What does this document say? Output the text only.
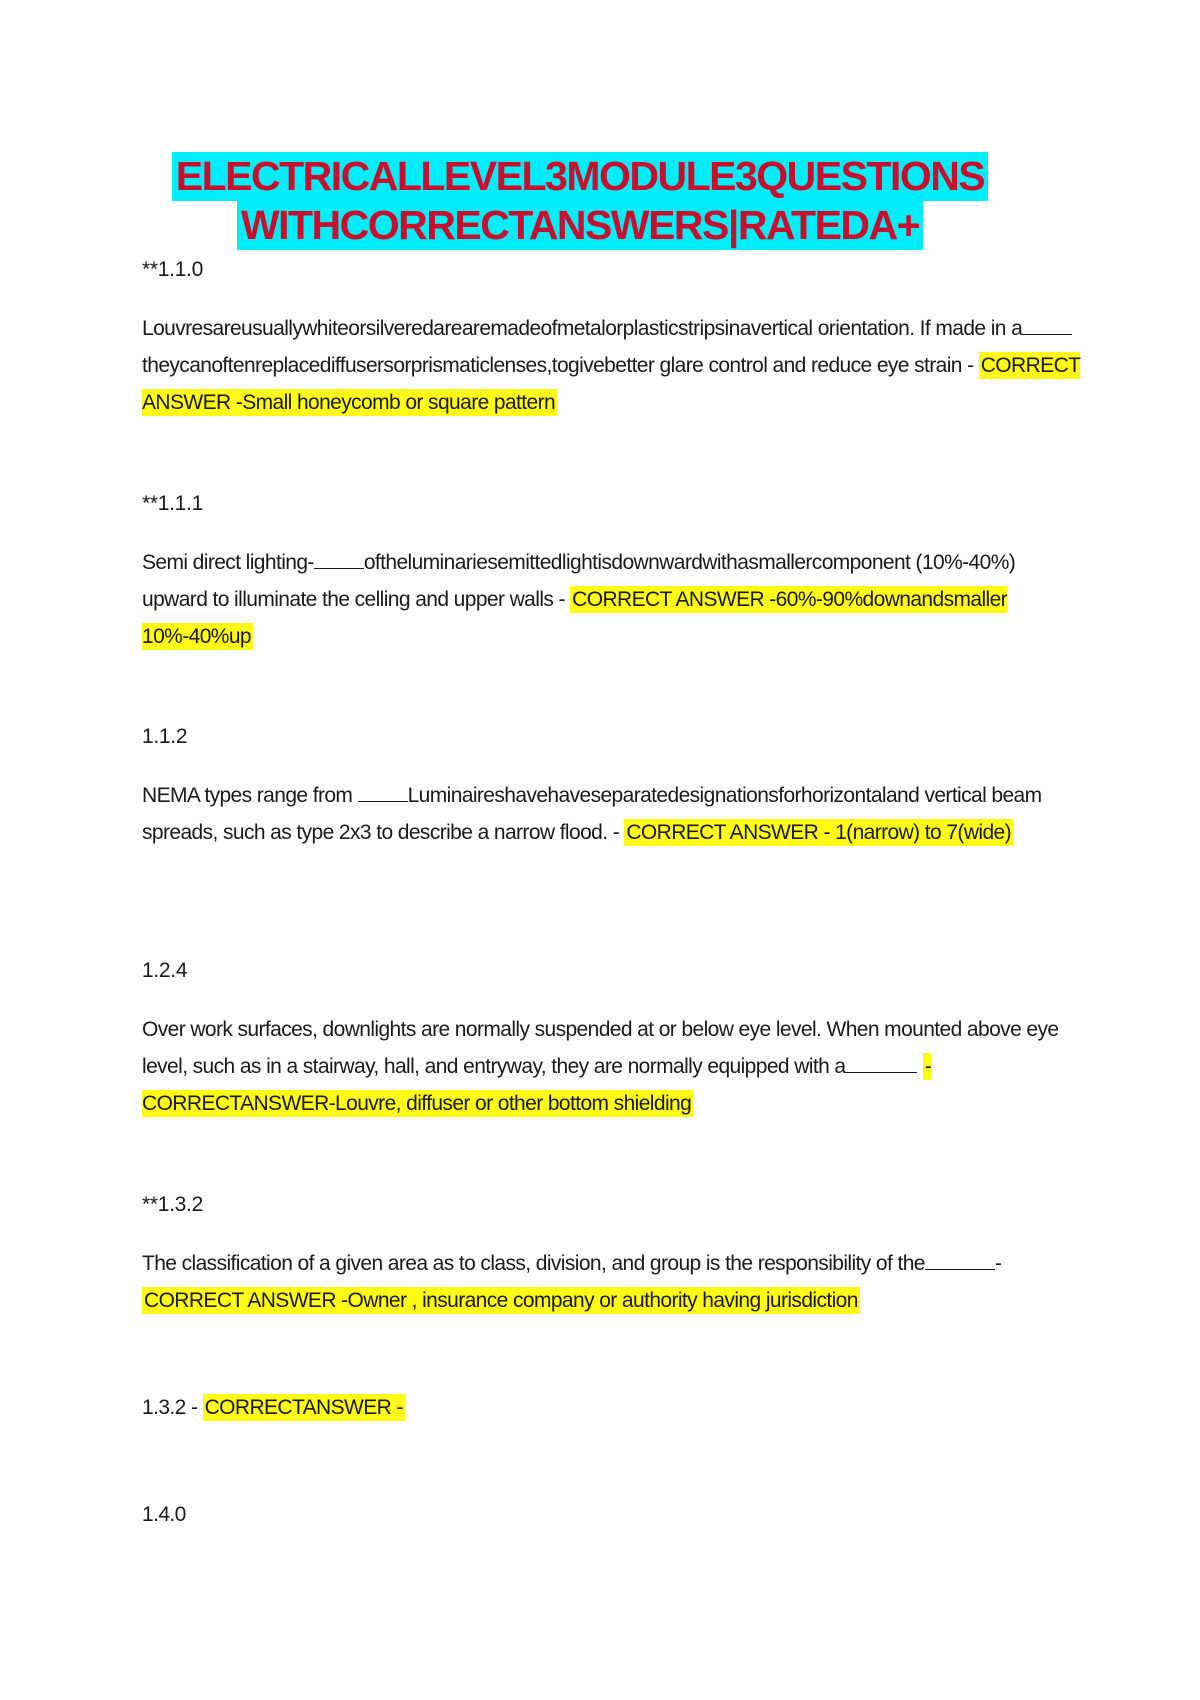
ELECTRICALLEVEL3MODULE3QUESTIONS
WITHCORRECTANSWERS|RATEDA+

**1.1.0

Louvresareusuallywhiteorsilveredarearemadeofmetalorplasticstripsinavertical orientation. If made in atheycanoftenreplacediffusersorprismaticlenses,togivebetter glare control and reduce eye strain - CORRECT ANSWER -Small honeycomb or square pattern

**1.1.1

Semi direct lighting- oftheluminariesemittedlightisdownwardwithasmallercomponent (10%-40%) upward to illuminate the celling and upper walls - CORRECT ANSWER -60%-90%downandsmaller 10%-40%up

1.1.2

NEMA types range from	Luminaireshavehaveseparatedesignationsforhorizontaland vertical beam spreads, such as type 2x3 to describe a narrow flood. - CORRECT ANSWER - 1(narrow) to 7(wide)

1.2.4

Over work surfaces, downlights are normally suspended at or below eye level. When mounted above eye level, such as in a stairway, hall, and entryway, they are normally equipped with a	- CORRECTANSWER-Louvre, diffuser or other bottom shielding

**1.3.2

The classification of a given area as to class, division, and group is the responsibility of the	- CORRECT ANSWER -Owner , insurance company or authority having jurisdiction

1.3.2 - CORRECTANSWER -

1.4.0
